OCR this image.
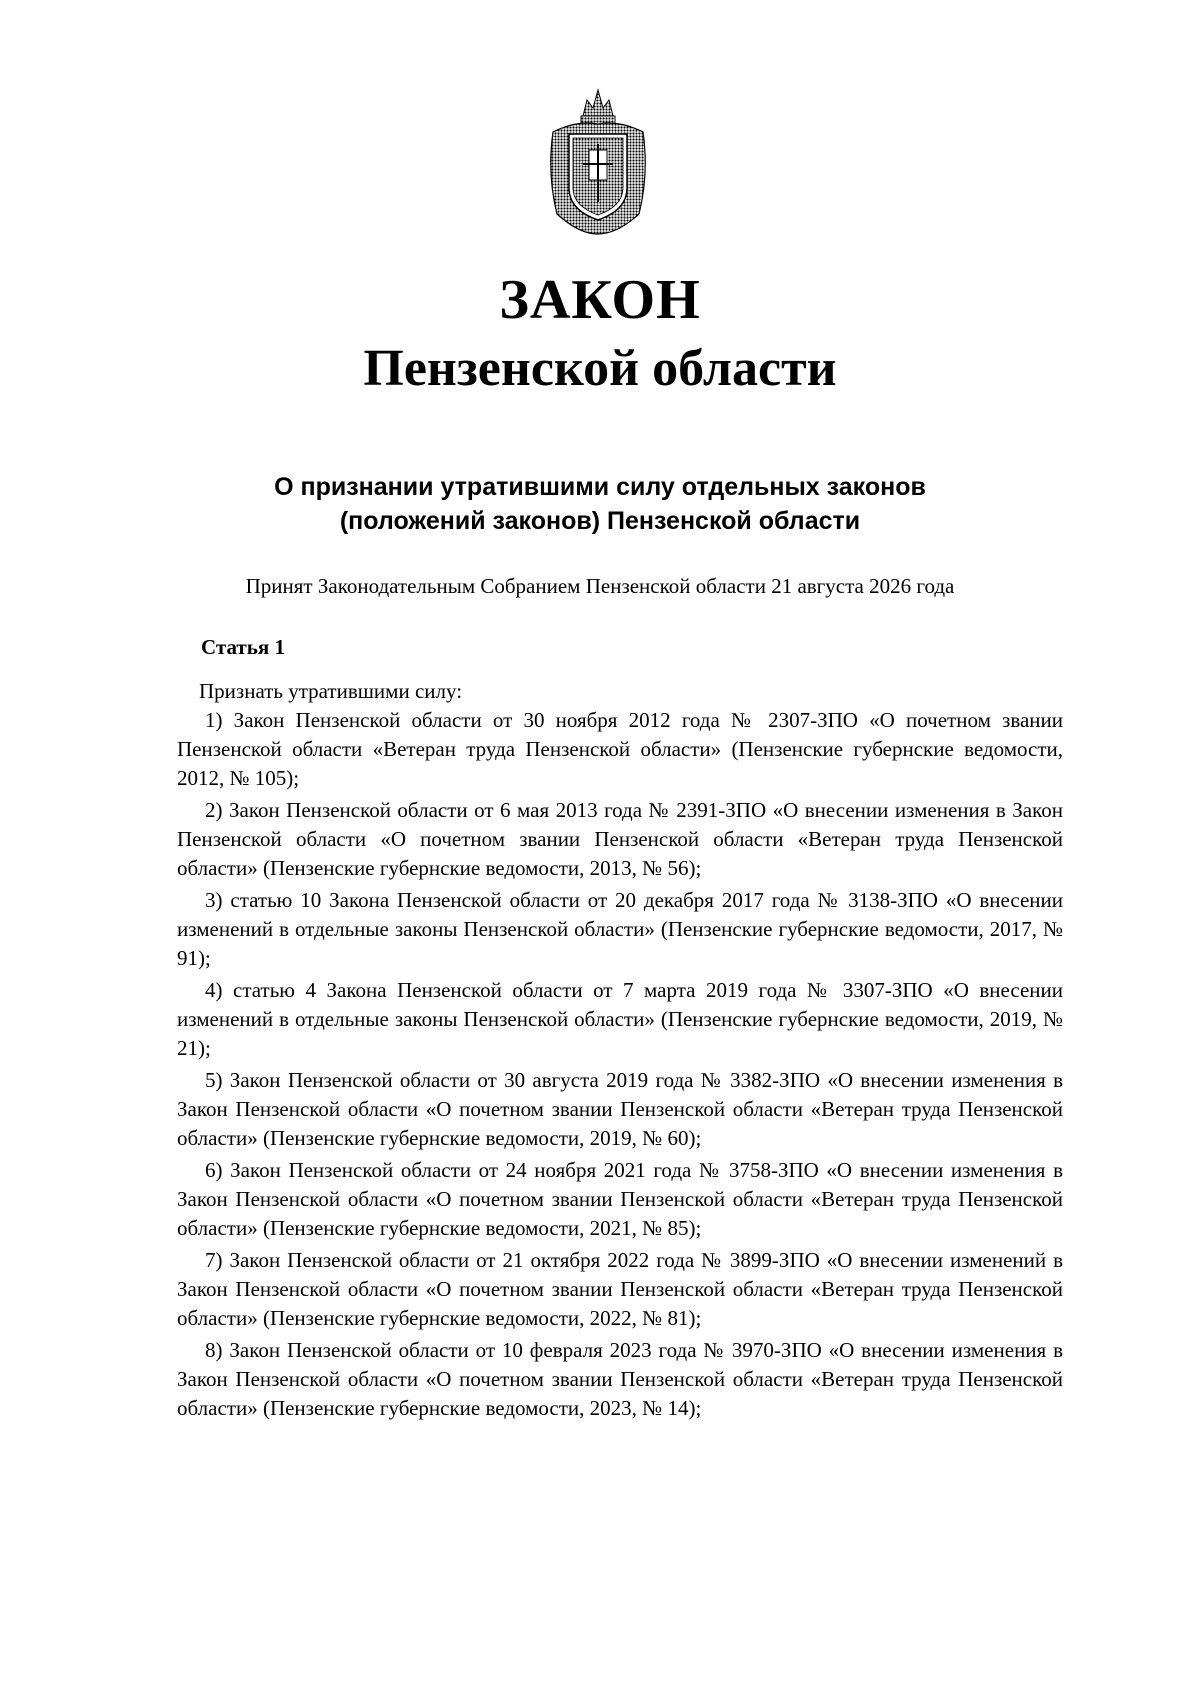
ЗАКОН
Пензенской области
О признании утратившими силу отдельных законов
(положений законов) Пензенской области

Принят Законодательным Собранием Пензенской области 21 августа 2026 года

Статья 1

Признать утратившими силу:

1) Закон Пензенской области от 30 ноября 2012 года № 2307-ЗПО «О почетном звании Пензенской области «Ветеран труда Пензенской области» (Пензенские губернские ведомости, 2012, № 105);

2) Закон Пензенской области от 6 мая 2013 года № 2391-ЗПО «О внесении изменения в Закон Пензенской области «О почетном звании Пензенской области «Ветеран труда Пензенской области» (Пензенские губернские ведомости, 2013, № 56);

3) статью 10 Закона Пензенской области от 20 декабря 2017 года № 3138-ЗПО «О внесении изменений в отдельные законы Пензенской области» (Пензенские губернские ведомости, 2017, № 91);

4) статью 4 Закона Пензенской области от 7 марта 2019 года № 3307-ЗПО «О внесении изменений в отдельные законы Пензенской области» (Пензенские губернские ведомости, 2019, № 21);

5) Закон Пензенской области от 30 августа 2019 года № 3382-ЗПО «О внесении изменения в Закон Пензенской области «О почетном звании Пензенской области «Ветеран труда Пензенской области» (Пензенские губернские ведомости, 2019, № 60);

6) Закон Пензенской области от 24 ноября 2021 года № 3758-ЗПО «О внесении изменения в Закон Пензенской области «О почетном звании Пензенской области «Ветеран труда Пензенской области» (Пензенские губернские ведомости, 2021, № 85);

7) Закон Пензенской области от 21 октября 2022 года № 3899-ЗПО «О внесении изменений в Закон Пензенской области «О почетном звании Пензенской области «Ветеран труда Пензенской области» (Пензенские губернские ведомости, 2022, № 81);

8) Закон Пензенской области от 10 февраля 2023 года № 3970-ЗПО «О внесении изменения в Закон Пензенской области «О почетном звании Пензенской области «Ветеран труда Пензенской области» (Пензенские губернские ведомости, 2023, № 14);
